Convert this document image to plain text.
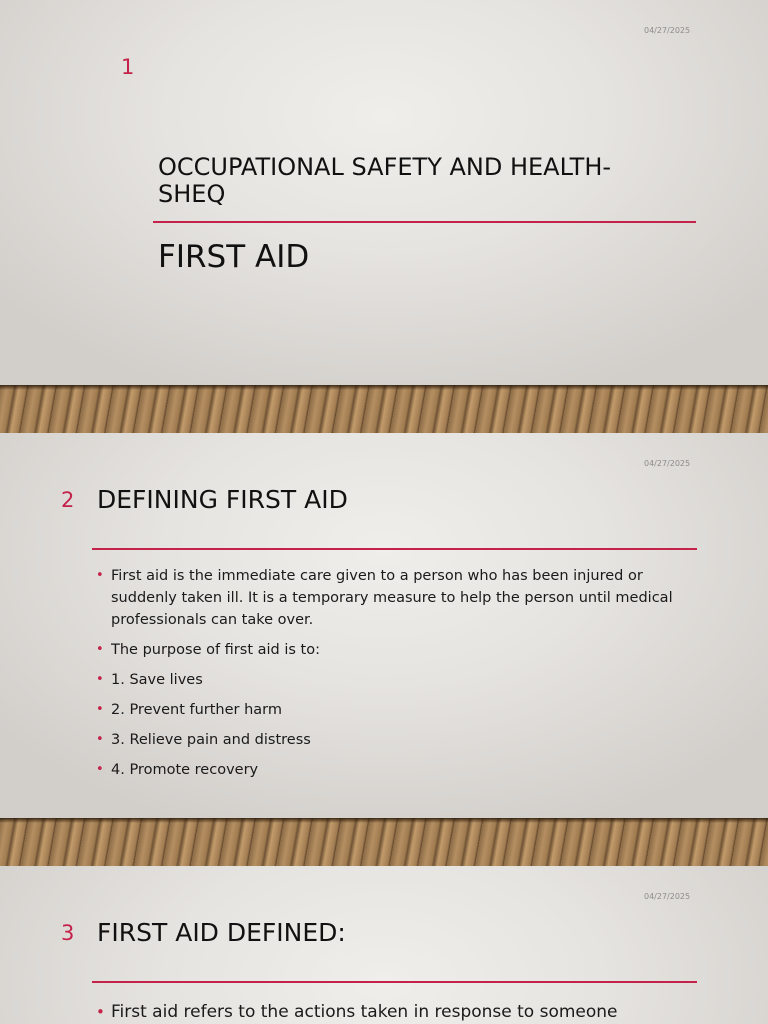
04/27/2025
1
OCCUPATIONAL SAFETY AND HEALTH-SHEQ
FIRST AID
04/27/2025
2 DEFINING FIRST AID
• First aid is the immediate care given to a person who has been injured or suddenly taken ill. It is a temporary measure to help the person until medical professionals can take over.
• The purpose of first aid is to:
• 1. Save lives
• 2. Prevent further harm
• 3. Relieve pain and distress
• 4. Promote recovery
04/27/2025
3 FIRST AID DEFINED:
• First aid refers to the actions taken in response to someone
